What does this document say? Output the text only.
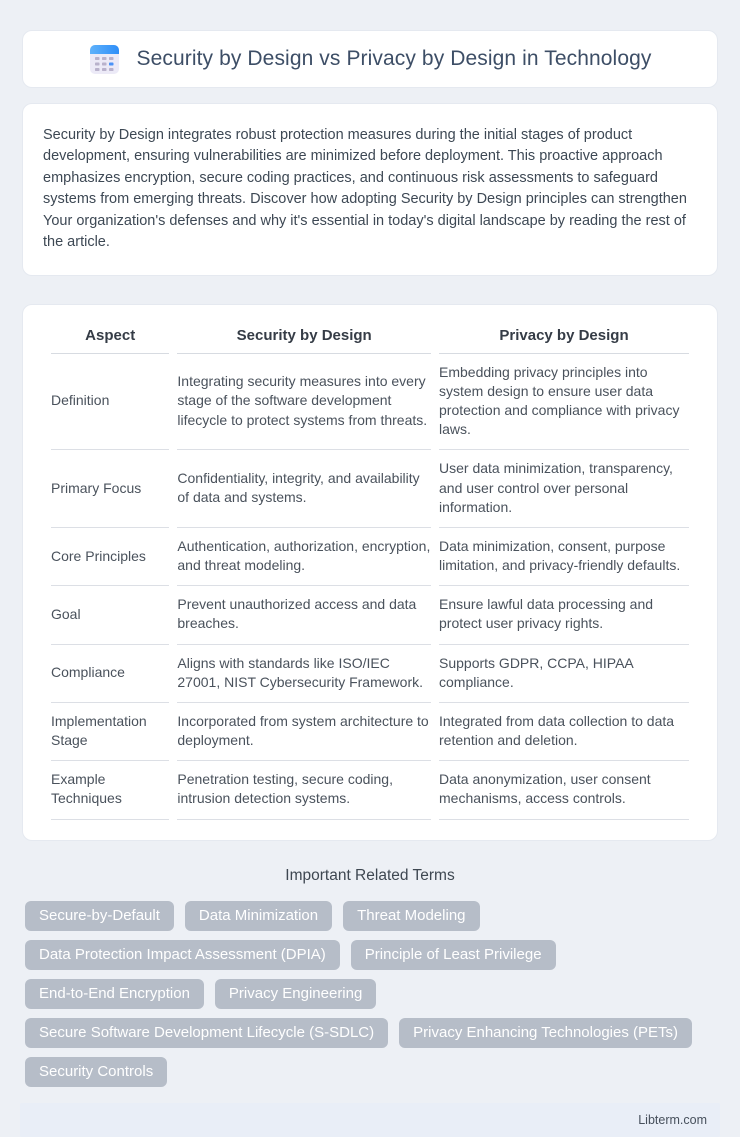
Security by Design vs Privacy by Design in Technology

Security by Design integrates robust protection measures during the initial stages of product development, ensuring vulnerabilities are minimized before deployment. This proactive approach emphasizes encryption, secure coding practices, and continuous risk assessments to safeguard systems from emerging threats. Discover how adopting Security by Design principles can strengthen Your organization's defenses and why it's essential in today's digital landscape by reading the rest of the article.

Aspect	Security by Design	Privacy by Design
Definition	Integrating security measures into every stage of the software development lifecycle to protect systems from threats.	Embedding privacy principles into system design to ensure user data protection and compliance with privacy laws.
Primary Focus	Confidentiality, integrity, and availability of data and systems.	User data minimization, transparency, and user control over personal information.
Core Principles	Authentication, authorization, encryption, and threat modeling.	Data minimization, consent, purpose limitation, and privacy-friendly defaults.
Goal	Prevent unauthorized access and data breaches.	Ensure lawful data processing and protect user privacy rights.
Compliance	Aligns with standards like ISO/IEC 27001, NIST Cybersecurity Framework.	Supports GDPR, CCPA, HIPAA compliance.
Implementation Stage	Incorporated from system architecture to deployment.	Integrated from data collection to data retention and deletion.
Example Techniques	Penetration testing, secure coding, intrusion detection systems.	Data anonymization, user consent mechanisms, access controls.
Important Related Terms
Secure-by-Default	Data Minimization	Threat Modeling
Data Protection Impact Assessment (DPIA)	Principle of Least Privilege
End-to-End Encryption	Privacy Engineering
Secure Software Development Lifecycle (S-SDLC)	Privacy Enhancing Technologies (PETs)
Security Controls
Libterm.com
